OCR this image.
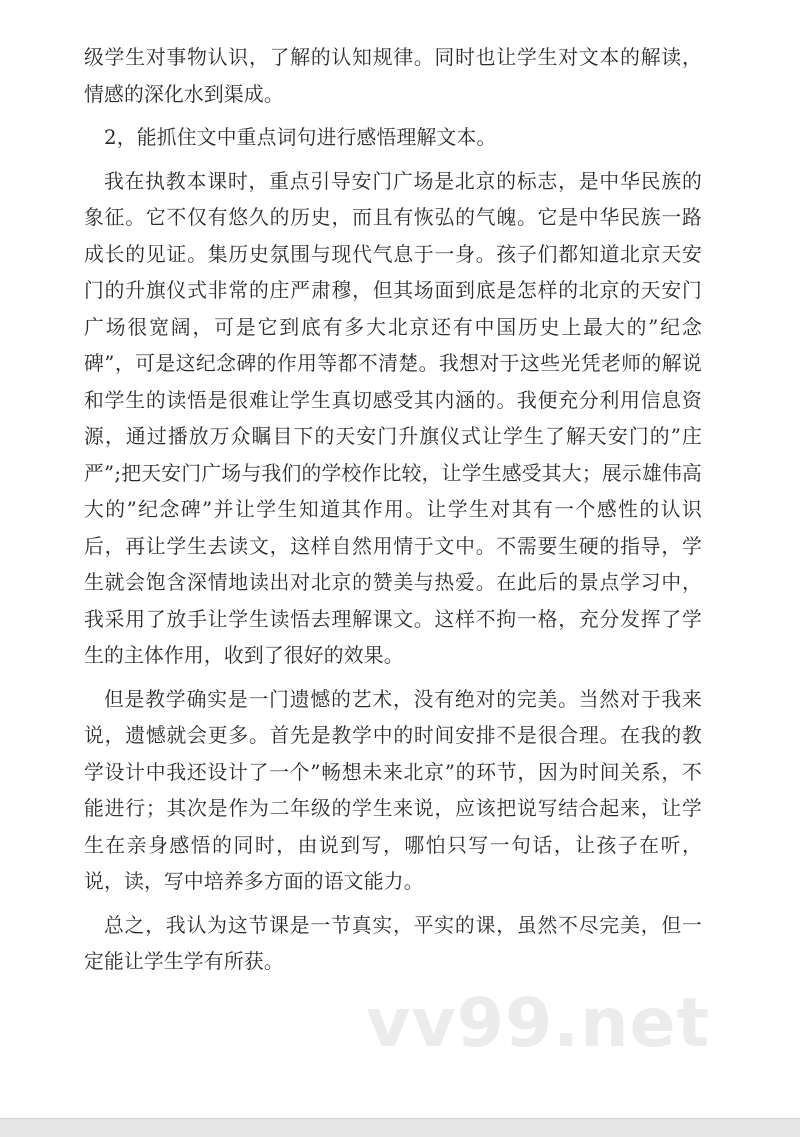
级学生对事物认识，了解的认知规律。同时也让学生对文本的解读，情感的深化水到渠成。

2，能抓住文中重点词句进行感悟理解文本。

我在执教本课时，重点引导安门广场是北京的标志，是中华民族的象征。它不仅有悠久的历史，而且有恢弘的气魄。它是中华民族一路成长的见证。集历史氛围与现代气息于一身。孩子们都知道北京天安门的升旗仪式非常的庄严肃穆，但其场面到底是怎样的北京的天安门广场很宽阔，可是它到底有多大北京还有中国历史上最大的”纪念碑”，可是这纪念碑的作用等都不清楚。我想对于这些光凭老师的解说和学生的读悟是很难让学生真切感受其内涵的。我便充分利用信息资源，通过播放万众瞩目下的天安门升旗仪式让学生了解天安门的”庄严”;把天安门广场与我们的学校作比较，让学生感受其大；展示雄伟高大的”纪念碑”并让学生知道其作用。让学生对其有一个感性的认识后，再让学生去读文，这样自然用情于文中。不需要生硬的指导，学生就会饱含深情地读出对北京的赞美与热爱。在此后的景点学习中，我采用了放手让学生读悟去理解课文。这样不拘一格，充分发挥了学生的主体作用，收到了很好的效果。

但是教学确实是一门遗憾的艺术，没有绝对的完美。当然对于我来说，遗憾就会更多。首先是教学中的时间安排不是很合理。在我的教学设计中我还设计了一个”畅想未来北京”的环节，因为时间关系，不能进行；其次是作为二年级的学生来说，应该把说写结合起来，让学生在亲身感悟的同时，由说到写，哪怕只写一句话，让孩子在听，说，读，写中培养多方面的语文能力。

总之，我认为这节课是一节真实，平实的课，虽然不尽完美，但一定能让学生学有所获。

vv99.net
